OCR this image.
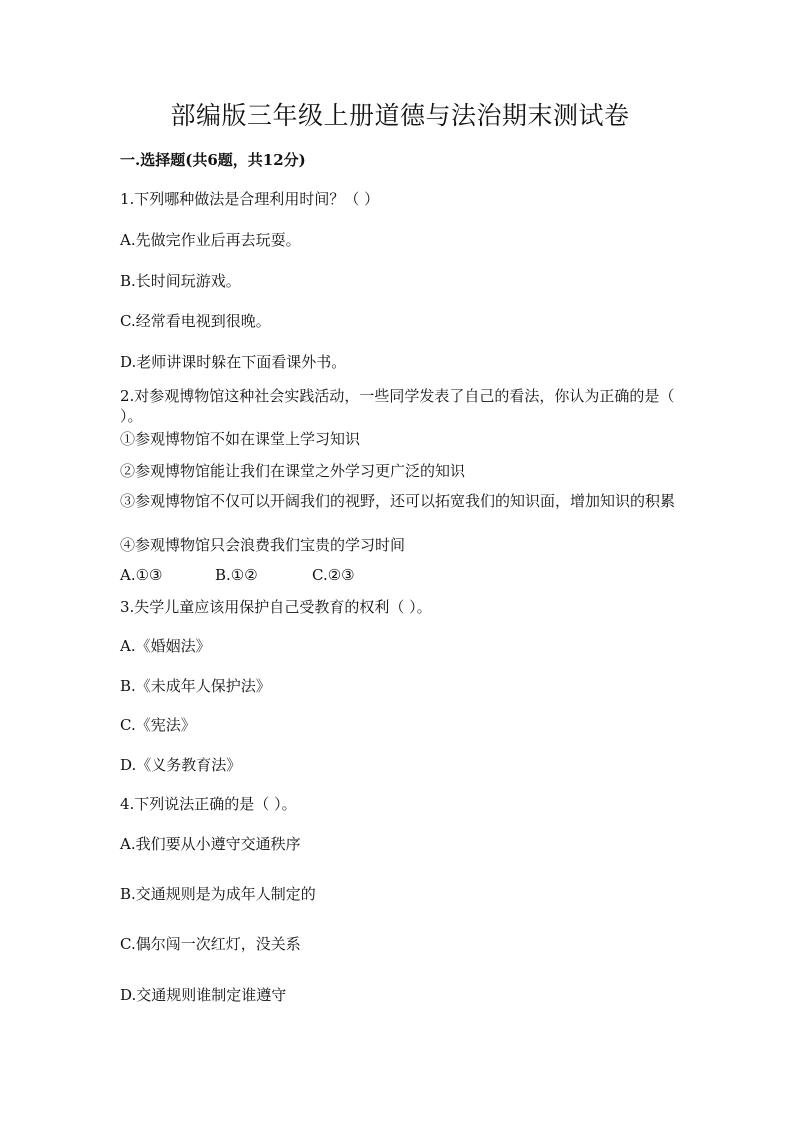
部编版三年级上册道德与法治期末测试卷
一.选择题(共6题，共12分)
1.下列哪种做法是合理利用时间？（ ）
A.先做完作业后再去玩耍。
B.长时间玩游戏。
C.经常看电视到很晚。
D.老师讲课时躲在下面看课外书。
2.对参观博物馆这种社会实践活动，一些同学发表了自己的看法，你认为正确的是（ ）。
①参观博物馆不如在课堂上学习知识
②参观博物馆能让我们在课堂之外学习更广泛的知识
③参观博物馆不仅可以开阔我们的视野，还可以拓宽我们的知识面，增加知识的积累
④参观博物馆只会浪费我们宝贵的学习时间
A.①③	B.①②	C.②③
3.失学儿童应该用保护自己受教育的权利（ ）。
A.《婚姻法》
B.《未成年人保护法》
C.《宪法》
D.《义务教育法》
4.下列说法正确的是（ ）。
A.我们要从小遵守交通秩序
B.交通规则是为成年人制定的
C.偶尔闯一次红灯，没关系
D.交通规则谁制定谁遵守
